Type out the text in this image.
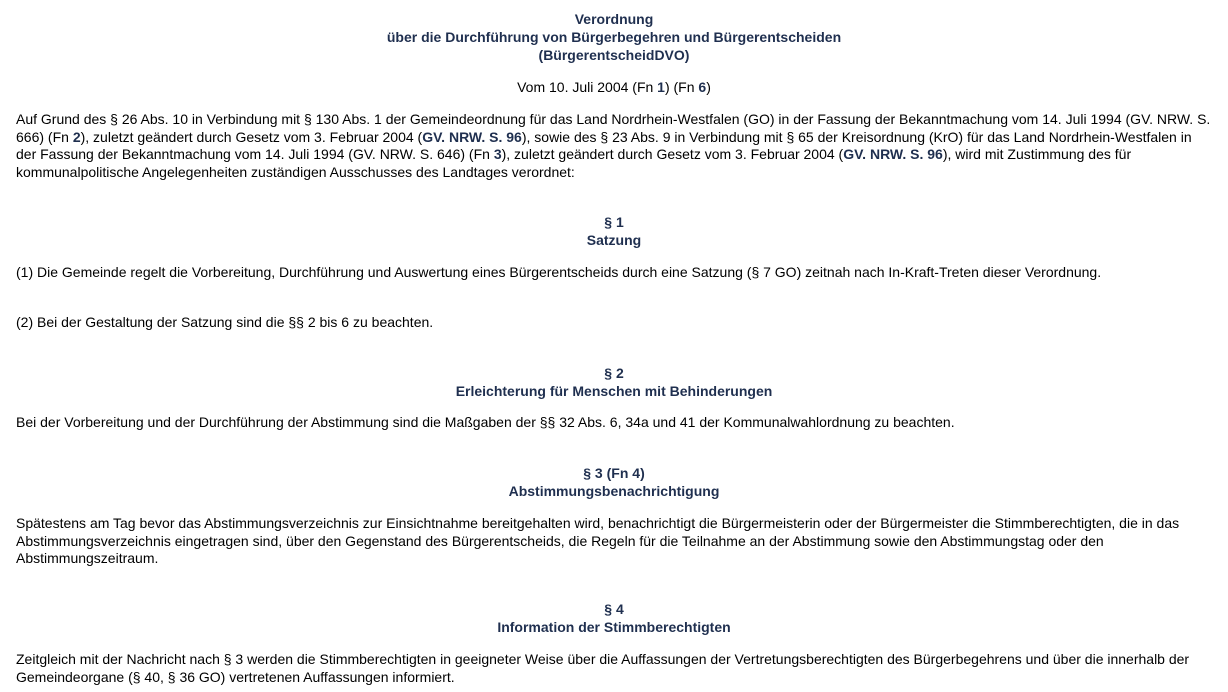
Verordnung
über die Durchführung von Bürgerbegehren und Bürgerentscheiden
(BürgerentscheidDVO)
Vom 10. Juli 2004 (Fn 1) (Fn 6)
Auf Grund des § 26 Abs. 10 in Verbindung mit § 130 Abs. 1 der Gemeindeordnung für das Land Nordrhein-Westfalen (GO) in der Fassung der Bekanntmachung vom 14. Juli 1994 (GV. NRW. S. 666) (Fn 2), zuletzt geändert durch Gesetz vom 3. Februar 2004 (GV. NRW. S. 96), sowie des § 23 Abs. 9 in Verbindung mit § 65 der Kreisordnung (KrO) für das Land Nordrhein-Westfalen in der Fassung der Bekanntmachung vom 14. Juli 1994 (GV. NRW. S. 646) (Fn 3), zuletzt geändert durch Gesetz vom 3. Februar 2004 (GV. NRW. S. 96), wird mit Zustimmung des für kommunalpolitische Angelegenheiten zuständigen Ausschusses des Landtages verordnet:
§ 1
Satzung
(1) Die Gemeinde regelt die Vorbereitung, Durchführung und Auswertung eines Bürgerentscheids durch eine Satzung (§ 7 GO) zeitnah nach In-Kraft-Treten dieser Verordnung.
(2) Bei der Gestaltung der Satzung sind die §§ 2 bis 6 zu beachten.
§ 2
Erleichterung für Menschen mit Behinderungen
Bei der Vorbereitung und der Durchführung der Abstimmung sind die Maßgaben der §§ 32 Abs. 6, 34a und 41 der Kommunalwahlordnung zu beachten.
§ 3 (Fn 4)
Abstimmungsbenachrichtigung
Spätestens am Tag bevor das Abstimmungsverzeichnis zur Einsichtnahme bereitgehalten wird, benachrichtigt die Bürgermeisterin oder der Bürgermeister die Stimmberechtigten, die in das Abstimmungsverzeichnis eingetragen sind, über den Gegenstand des Bürgerentscheids, die Regeln für die Teilnahme an der Abstimmung sowie den Abstimmungstag oder den Abstimmungszeitraum.
§ 4
Information der Stimmberechtigten
Zeitgleich mit der Nachricht nach § 3 werden die Stimmberechtigten in geeigneter Weise über die Auffassungen der Vertretungsberechtigten des Bürgerbegehrens und über die innerhalb der Gemeindeorgane (§ 40, § 36 GO) vertretenen Auffassungen informiert.
